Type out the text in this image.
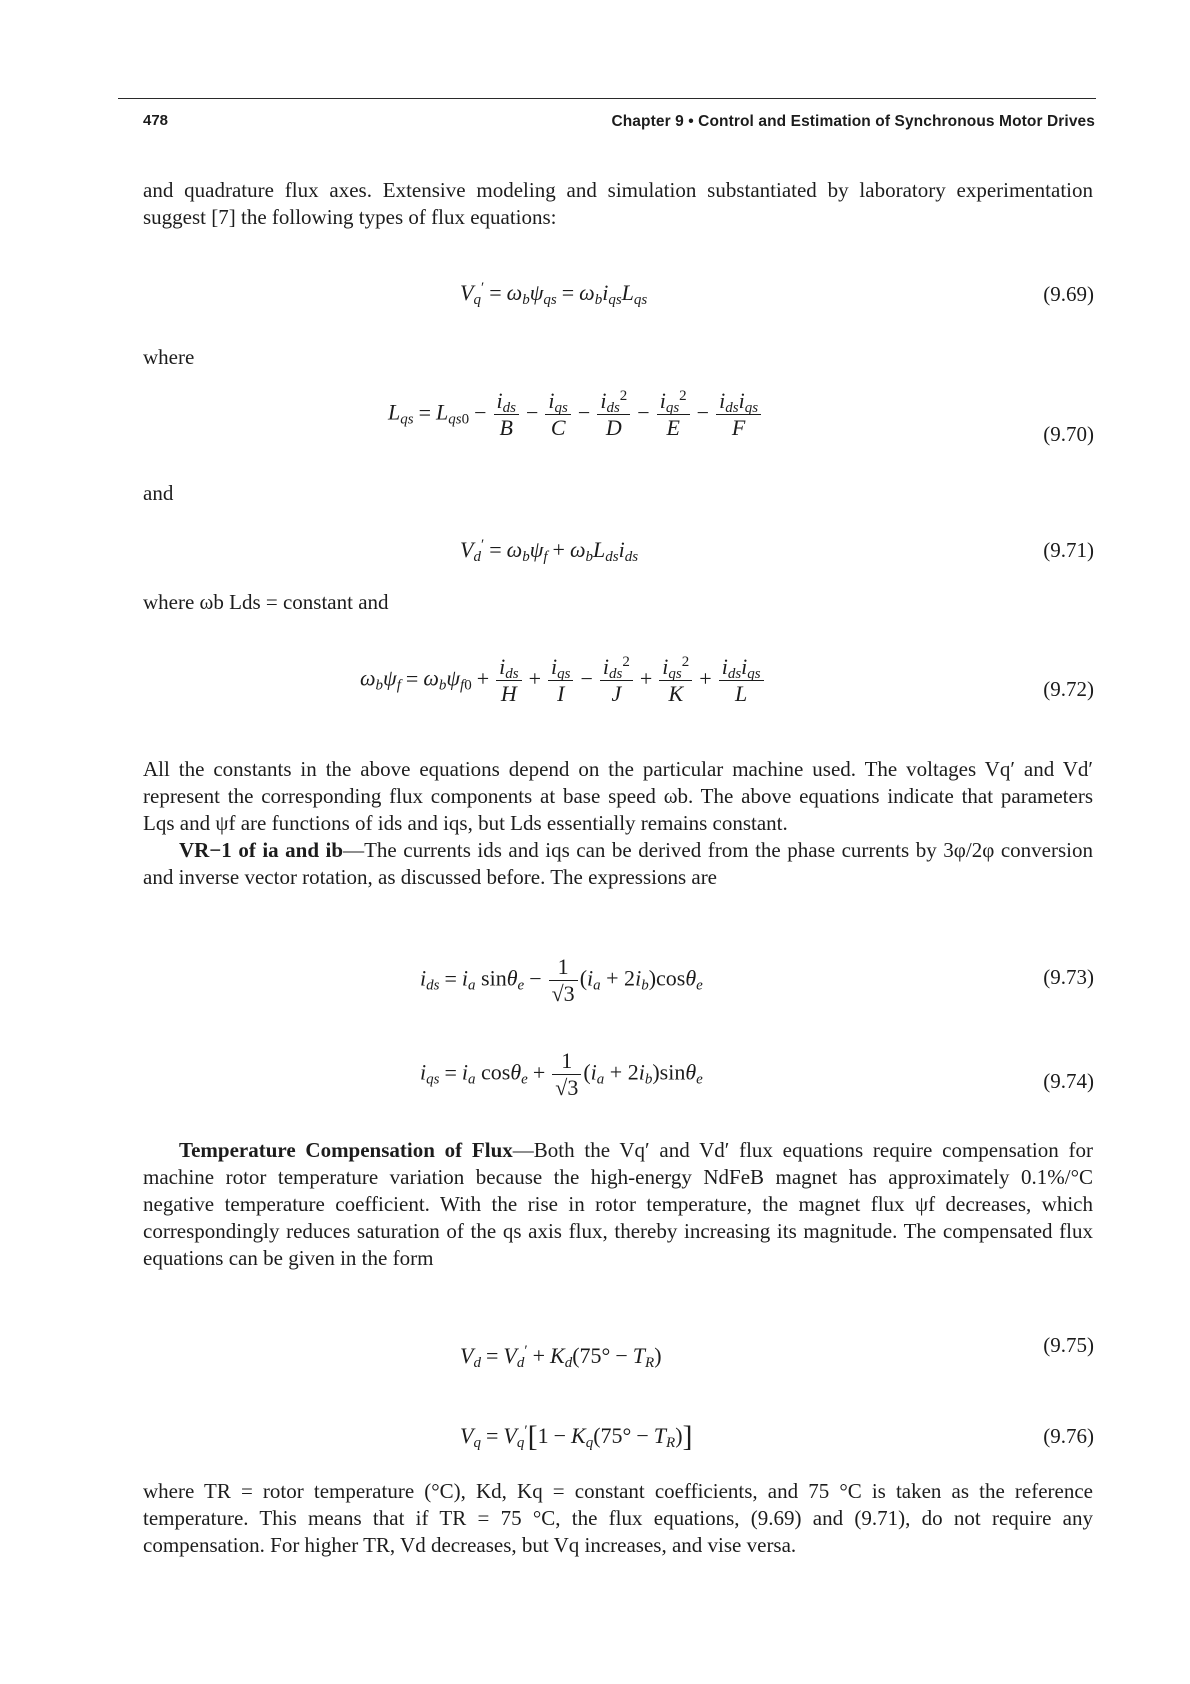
478	Chapter 9 • Control and Estimation of Synchronous Motor Drives
and quadrature flux axes. Extensive modeling and simulation substantiated by laboratory experimentation suggest [7] the following types of flux equations:
$V_q' = \omega_b\psi_{qs} = \omega_bi_{qs}L_{qs}$	(9.69)
where
$L_{qs} = L_{qs0} - \frac{i_{ds}}{B} - \frac{i_{qs}}{C} - \frac{i_{ds}^2}{D} - \frac{i_{qs}^2}{E} - \frac{i_{ds}i_{qs}}{F}$	(9.70)
and
$V_d' = \omega_b\psi_f + \omega_bL_{ds}i_{ds}$	(9.71)
where ωb Lds = constant and
$\omega_b\psi_f = \omega_b\psi_{f0} + \frac{i_{ds}}{H} + \frac{i_{qs}}{I} - \frac{i_{ds}^2}{J} + \frac{i_{qs}^2}{K} + \frac{i_{ds}i_{qs}}{L}$	(9.72)
All the constants in the above equations depend on the particular machine used. The voltages Vq′ and Vd′ represent the corresponding flux components at base speed ωb. The above equations indicate that parameters Lqs and ψf are functions of ids and iqs, but Lds essentially remains constant.
VR−1 of ia and ib—The currents ids and iqs can be derived from the phase currents by 3φ/2φ conversion and inverse vector rotation, as discussed before. The expressions are
$i_{ds} = i_a$ $\sin\theta_e - \frac{1}{√3} (i_a + 2i_b)\cos\theta_e$	(9.73)
$i_{qs} = i_a$ $\cos\theta_e + \frac{1}{√3} (i_a + 2i_b)\sin\theta_e$	(9.74)
Temperature Compensation of Flux—Both the Vq′ and Vd′ flux equations require compensation for machine rotor temperature variation because the high-energy NdFeB magnet has approximately 0.1%/°C negative temperature coefficient. With the rise in rotor temperature, the magnet flux ψf decreases, which correspondingly reduces saturation of the qs axis flux, thereby increasing its magnitude. The compensated flux equations can be given in the form
$V_d = V_d' + K_d(75^\circ - T_R)$	(9.75)
$V_q = V_q'[1 - K_q(75^\circ - T_R)]$	(9.76)
where TR = rotor temperature (°C), Kd, Kq = constant coefficients, and 75 °C is taken as the reference temperature. This means that if TR = 75 °C, the flux equations, (9.69) and (9.71), do not require any compensation. For higher TR, Vd decreases, but Vq increases, and vise versa.
